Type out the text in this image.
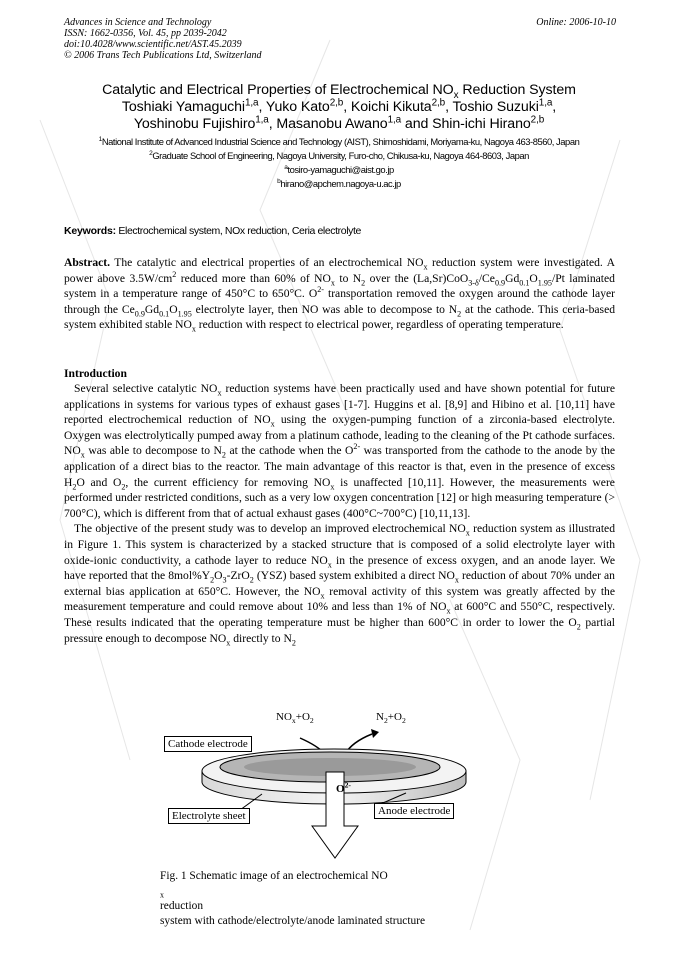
Advances in Science and Technology
ISSN: 1662-0356, Vol. 45, pp 2039-2042
doi:10.4028/www.scientific.net/AST.45.2039
© 2006 Trans Tech Publications Ltd, Switzerland
Online: 2006-10-10
Catalytic and Electrical Properties of Electrochemical $NO_x$ Reduction System
Toshiaki Yamaguchi$^{1,a}$, Yuko Kato$^{2,b}$, Koichi Kikuta$^{2,b}$, Toshio Suzuki$^{1,a}$,
Yoshinobu Fujishiro$^{1,a}$, Masanobu Awano$^{1,a}$ and Shin-ichi Hirano$^{2,b}$
$^1$National Institute of Advanced Industrial Science and Technology (AIST), Shimoshidami, Moriyama-ku, Nagoya 463-8560, Japan
$^2$Graduate School of Engineering, Nagoya University, Furo-cho, Chikusa-ku, Nagoya 464-8603, Japan
$^a$tosiro-yamaguchi@aist.go.jp
$^b$hirano@apchem.nagoya-u.ac.jp
Keywords: Electrochemical system, NOx reduction, Ceria electrolyte

Abstract. The catalytic and electrical properties of an electrochemical $NO_x$ reduction system were investigated. A power above $3.5W/cm^2$ reduced more than 60% of $NO_x$ to $N_2$ over the $(La,Sr)CoO_{3-\delta}/Ce_{0.9}Gd_{0.1}O_{1.95}/Pt$ laminated system in a temperature range of 450°C to 650°C. $O^{2-}$ transportation removed the oxygen around the cathode layer through the $Ce_{0.9}Gd_{0.1}O_{1.95}$ electrolyte layer, then NO was able to decompose to $N_2$ at the cathode. This ceria-based system exhibited stable $NO_x$ reduction with respect to electrical power, regardless of operating temperature.

Introduction

Several selective catalytic $NO_x$ reduction systems have been practically used and have shown potential for future applications in systems for various types of exhaust gases [1-7]. Huggins et al. [8,9] and Hibino et al. [10,11] have reported electrochemical reduction of $NO_x$ using the oxygen-pumping function of a zirconia-based electrolyte. Oxygen was electrolytically pumped away from a platinum cathode, leading to the cleaning of the Pt cathode surfaces. $NO_x$ was able to decompose to $N_2$ at the cathode when the $O^{2-}$ was transported from the cathode to the anode by the application of a direct bias to the reactor. The main advantage of this reactor is that, even in the presence of excess $H_2O$ and $O_2$, the current efficiency for removing $NO_x$ is unaffected [10,11]. However, the measurements were performed under restricted conditions, such as a very low oxygen concentration [12] or high measuring temperature (> 700°C), which is different from that of actual exhaust gases (400°C~700°C) [10,11,13].

The objective of the present study was to develop an improved electrochemical $NO_x$ reduction system as illustrated in Figure 1. This system is characterized by a stacked structure that is composed of a solid electrolyte layer with oxide-ionic conductivity, a cathode layer to reduce $NO_x$ in the presence of excess oxygen, and an anode layer. We have reported that the $8mol\%Y_2O_3-ZrO_2$ (YSZ) based system exhibited a direct $NO_x$ reduction of about 70% under an external bias application at 650°C. However, the $NO_x$ removal activity of this system was greatly affected by the measurement temperature and could remove about 10% and less than 1% of $NO_x$ at 600°C and 550°C, respectively. These results indicated that the operating temperature must be higher than 600°C in order to lower the $O_2$ partial pressure enough to decompose $NO_x$ directly to $N_2$

$NO_x+O_2$	$N_2+O_2$
Cathode electrode
$O^{2-}$
Anode electrode
Electrolyte sheet
Fig. 1 Schematic image of an electrochemical NO
$_x$
reduction
system with cathode/electrolyte/anode laminated structure
